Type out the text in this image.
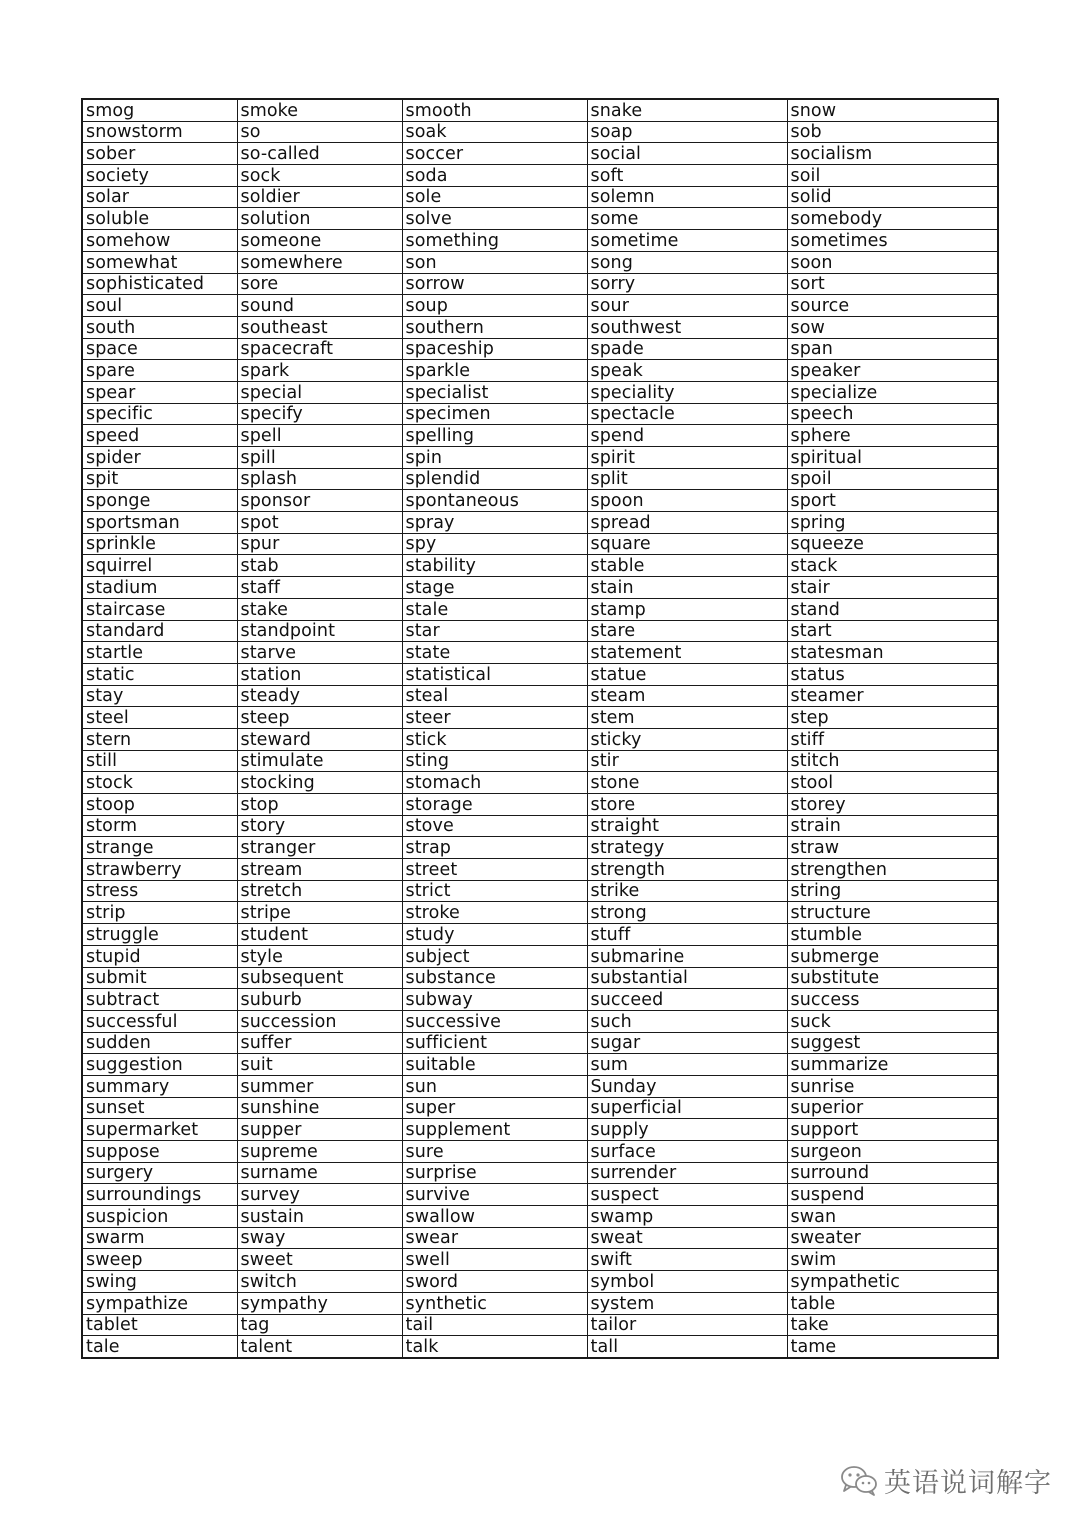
smog	smoke	smooth	snake	snow
snowstorm	so	soak	soap	sob
sober	so-called	soccer	social	socialism
society	sock	soda	soft	soil
solar	soldier	sole	solemn	solid
soluble	solution	solve	some	somebody
somehow	someone	something	sometime	sometimes
somewhat	somewhere	son	song	soon
sophisticated	sore	sorrow	sorry	sort
soul	sound	soup	sour	source
south	southeast	southern	southwest	sow
space	spacecraft	spaceship	spade	span
spare	spark	sparkle	speak	speaker
spear	special	specialist	speciality	specialize
specific	specify	specimen	spectacle	speech
speed	spell	spelling	spend	sphere
spider	spill	spin	spirit	spiritual
spit	splash	splendid	split	spoil
sponge	sponsor	spontaneous	spoon	sport
sportsman	spot	spray	spread	spring
sprinkle	spur	spy	square	squeeze
squirrel	stab	stability	stable	stack
stadium	staff	stage	stain	stair
staircase	stake	stale	stamp	stand
standard	standpoint	star	stare	start
startle	starve	state	statement	statesman
static	station	statistical	statue	status
stay	steady	steal	steam	steamer
steel	steep	steer	stem	step
stern	steward	stick	sticky	stiff
still	stimulate	sting	stir	stitch
stock	stocking	stomach	stone	stool
stoop	stop	storage	store	storey
storm	story	stove	straight	strain
strange	stranger	strap	strategy	straw
strawberry	stream	street	strength	strengthen
stress	stretch	strict	strike	string
strip	stripe	stroke	strong	structure
struggle	student	study	stuff	stumble
stupid	style	subject	submarine	submerge
submit	subsequent	substance	substantial	substitute
subtract	suburb	subway	succeed	success
successful	succession	successive	such	suck
sudden	suffer	sufficient	sugar	suggest
suggestion	suit	suitable	sum	summarize
summary	summer	sun	Sunday	sunrise
sunset	sunshine	super	superficial	superior
supermarket	supper	supplement	supply	support
suppose	supreme	sure	surface	surgeon
surgery	surname	surprise	surrender	surround
surroundings	survey	survive	suspect	suspend
suspicion	sustain	swallow	swamp	swan
swarm	sway	swear	sweat	sweater
sweep	sweet	swell	swift	swim
swing	switch	sword	symbol	sympathetic
sympathize	sympathy	synthetic	system	table
tablet	tag	tail	tailor	take
tale	talent	talk	tall	tame
英语说词解字
